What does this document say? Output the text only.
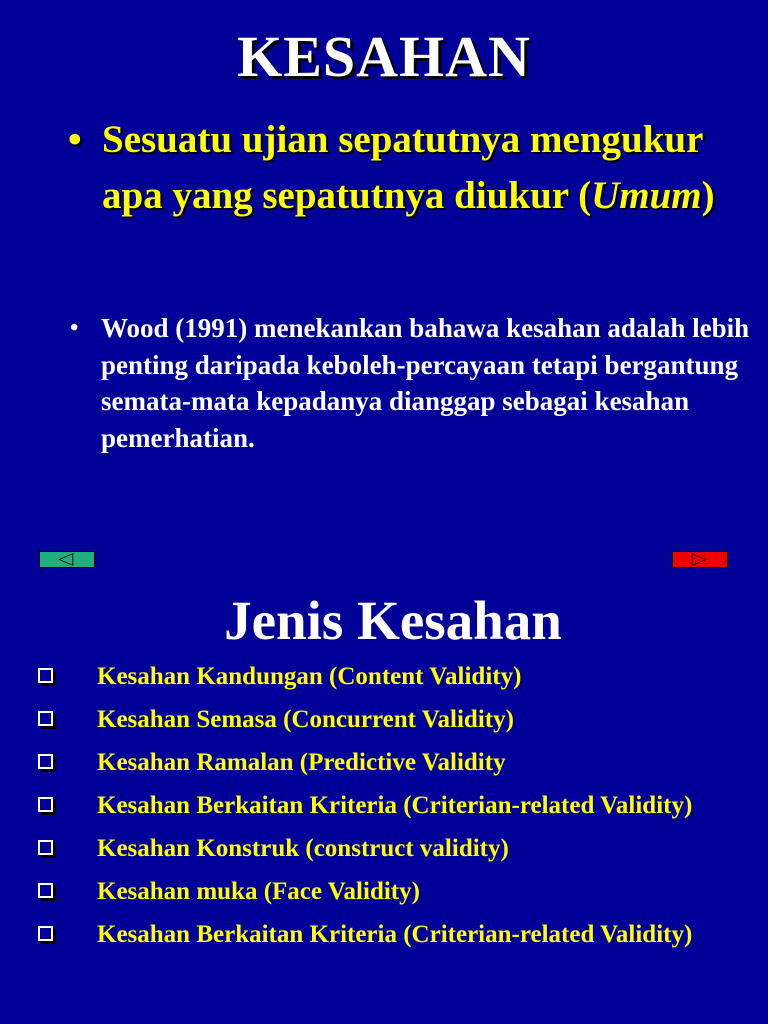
KESAHAN
• Sesuatu ujian sepatutnya mengukur apa yang sepatutnya diukur (Umum)
• Wood (1991) menekankan bahawa kesahan adalah lebih penting daripada keboleh-percayaan tetapi bergantung semata-mata kepadanya dianggap sebagai kesahan pemerhatian.
Jenis Kesahan
Kesahan Kandungan (Content Validity)
Kesahan Semasa (Concurrent Validity)
Kesahan Ramalan (Predictive Validity
Kesahan Berkaitan Kriteria (Criterian-related Validity)
Kesahan Konstruk (construct validity)
Kesahan muka (Face Validity)
Kesahan Berkaitan Kriteria (Criterian-related Validity)
